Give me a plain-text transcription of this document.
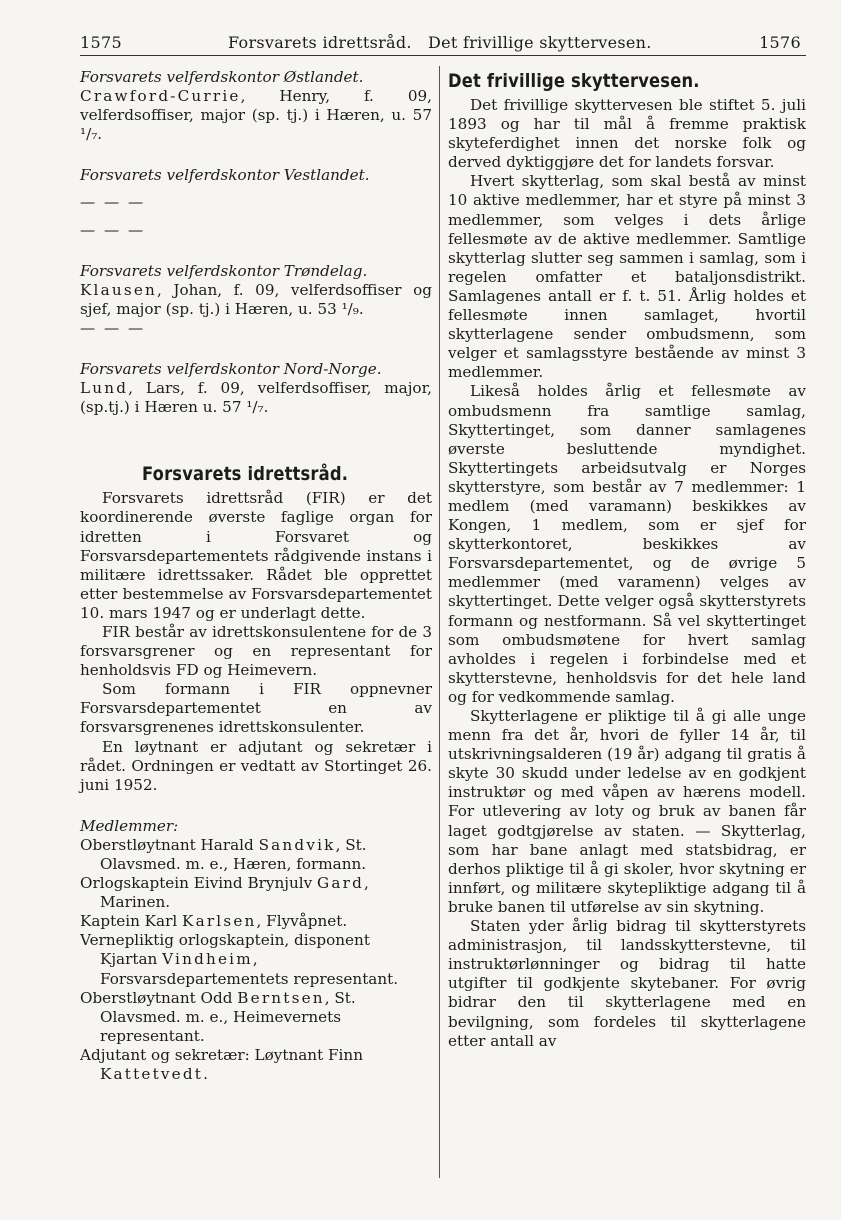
1575	Forsvarets idrettsråd.   Det frivillige skyttervesen.	1576

Forsvarets velferdskontor Østlandet.

Crawford-Currie, Henry, f. 09, velferdsoffiser, major (sp. tj.) i Hæren, u. 57 ¹/₇.

Forsvarets velferdskontor Vestlandet.

— — —

— — —

Forsvarets velferdskontor Trøndelag.

Klausen, Johan, f. 09, velferdsoffiser og sjef, major (sp. tj.) i Hæren, u. 53 ¹/₉.

— — —

Forsvarets velferdskontor Nord-Norge.

Lund, Lars, f. 09, velferdsoffiser, major, (sp.tj.) i Hæren u. 57 ¹/₇.

Forsvarets idrettsråd.

Forsvarets idrettsråd (FIR) er det koordinerende øverste faglige organ for idretten i Forsvaret og Forsvarsdepartementets rådgivende instans i militære idrettssaker. Rådet ble opprettet etter bestemmelse av Forsvarsdepartementet 10. mars 1947 og er underlagt dette.

FIR består av idrettskonsulentene for de 3 forsvarsgrener og en representant for henholdsvis FD og Heimevern.

Som formann i FIR oppnevner Forsvarsdepartementet en av forsvarsgrenenes idrettskonsulenter.

En løytnant er adjutant og sekretær i rådet. Ordningen er vedtatt av Stortinget 26. juni 1952.

Medlemmer:

Oberstløytnant Harald Sandvik, St. Olavsmed. m. e., Hæren, formann.

Orlogskaptein Eivind Brynjulv Gard, Marinen.

Kaptein Karl Karlsen, Flyvåpnet.

Vernepliktig orlogskaptein, disponent Kjartan Vindheim, Forsvarsdepartementets representant.

Oberstløytnant Odd Berntsen, St. Olavsmed. m. e., Heimevernets representant.

Adjutant og sekretær: Løytnant Finn Kattetvedt.

Det frivillige skyttervesen.

Det frivillige skyttervesen ble stiftet 5. juli 1893 og har til mål å fremme praktisk skyteferdighet innen det norske folk og derved dyktiggjøre det for landets forsvar.

Hvert skytterlag, som skal bestå av minst 10 aktive medlemmer, har et styre på minst 3 medlemmer, som velges i dets årlige fellesmøte av de aktive medlemmer. Samtlige skytterlag slutter seg sammen i samlag, som i regelen omfatter et bataljonsdistrikt. Samlagenes antall er f. t. 51. Årlig holdes et fellesmøte innen samlaget, hvortil skytterlagene sender ombudsmenn, som velger et samlagsstyre bestående av minst 3 medlemmer.

Likeså holdes årlig et fellesmøte av ombudsmenn fra samtlige samlag, Skyttertinget, som danner samlagenes øverste besluttende myndighet. Skyttertingets arbeidsutvalg er Norges skytterstyre, som består av 7 medlemmer: 1 medlem (med varamann) beskikkes av Kongen, 1 medlem, som er sjef for skytterkontoret, beskikkes av Forsvarsdepartementet, og de øvrige 5 medlemmer (med varamenn) velges av skyttertinget. Dette velger også skytterstyrets formann og nestformann. Så vel skyttertinget som ombudsmøtene for hvert samlag avholdes i regelen i forbindelse med et skytterstevne, henholdsvis for det hele land og for vedkommende samlag.

Skytterlagene er pliktige til å gi alle unge menn fra det år, hvori de fyller 14 år, til utskrivningsalderen (19 år) adgang til gratis å skyte 30 skudd under ledelse av en godkjent instruktør og med våpen av hærens modell. For utlevering av loty og bruk av banen får laget godtgjørelse av staten. — Skytterlag, som har bane anlagt med statsbidrag, er derhos pliktige til å gi skoler, hvor skytning er innført, og militære skytepliktige adgang til å bruke banen til utførelse av sin skytning.

Staten yder årlig bidrag til skytterstyrets administrasjon, til landsskytterstevne, til instruktørlønninger og bidrag til hatte utgifter til godkjente skytebaner. For øvrig bidrar den til skytterlagene med en bevilgning, som fordeles til skytterlagene etter antall av
